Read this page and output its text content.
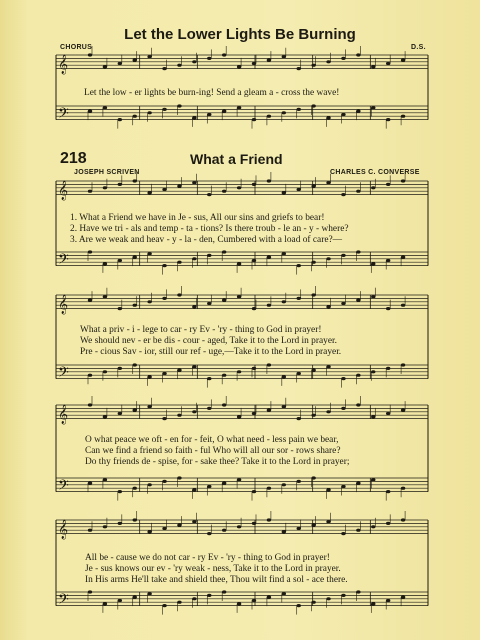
Let the Lower Lights Be Burning
CHORUS	D.S.
Let the low - er lights be burn-ing! Send a gleam a - cross the wave!
218	What a Friend
JOSEPH SCRIVEN	CHARLES C. CONVERSE
1. What a Friend we have in Je - sus, All our sins and griefs to bear!
2. Have we tri - als and temp - ta - tions? Is there troub - le an - y - where?
3. Are we weak and heav - y - la - den, Cumbered with a load of care?—
What a priv - i - lege to car - ry Ev - 'ry - thing to God in prayer!
We should nev - er be dis - cour - aged, Take it to the Lord in prayer.
Pre - cious Sav - ior, still our ref - uge,—Take it to the Lord in prayer.
O what peace we oft - en for - feit, O what need - less pain we bear,
Can we find a friend so faith - ful Who will all our sor - rows share?
Do thy friends de - spise, for - sake thee? Take it to the Lord in prayer;
All be - cause we do not car - ry Ev - 'ry - thing to God in prayer!
Je - sus knows our ev - 'ry weak - ness, Take it to the Lord in prayer.
In His arms He'll take and shield thee, Thou wilt find a sol - ace there.
𝄞
𝄢
𝄞
𝄢
𝄞
𝄢
𝄞
𝄢
𝄞
𝄢
